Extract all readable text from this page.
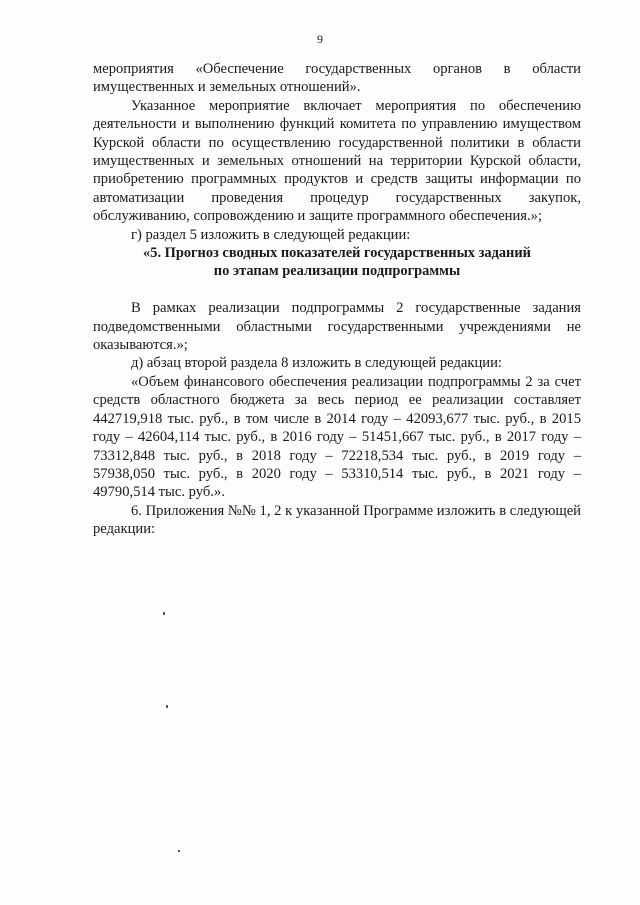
9

мероприятия «Обеспечение государственных органов в области имущественных и земельных отношений».

Указанное мероприятие включает мероприятия по обеспечению деятельности и выполнению функций комитета по управлению имуществом Курской области по осуществлению государственной политики в области имущественных и земельных отношений на территории Курской области, приобретению программных продуктов и средств защиты информации по автоматизации проведения процедур государственных закупок, обслуживанию, сопровождению и защите программного обеспечения.»;

г) раздел 5 изложить в следующей редакции:

«5. Прогноз сводных показателей государственных заданий

по этапам реализации подпрограммы

В рамках реализации подпрограммы 2 государственные задания подведомственными областными государственными учреждениями не оказываются.»;

д) абзац второй раздела 8 изложить в следующей редакции:

«Объем финансового обеспечения реализации подпрограммы 2 за счет средств областного бюджета за весь период ее реализации составляет 442719,918 тыс. руб., в том числе в 2014 году – 42093,677 тыс. руб., в 2015 году – 42604,114 тыс. руб., в 2016 году – 51451,667 тыс. руб., в 2017 году – 73312,848 тыс. руб., в 2018 году – 72218,534 тыс. руб., в 2019 году – 57938,050 тыс. руб., в 2020 году – 53310,514 тыс. руб., в 2021 году – 49790,514 тыс. руб.».

6. Приложения №№ 1, 2 к указанной Программе изложить в следующей редакции:
